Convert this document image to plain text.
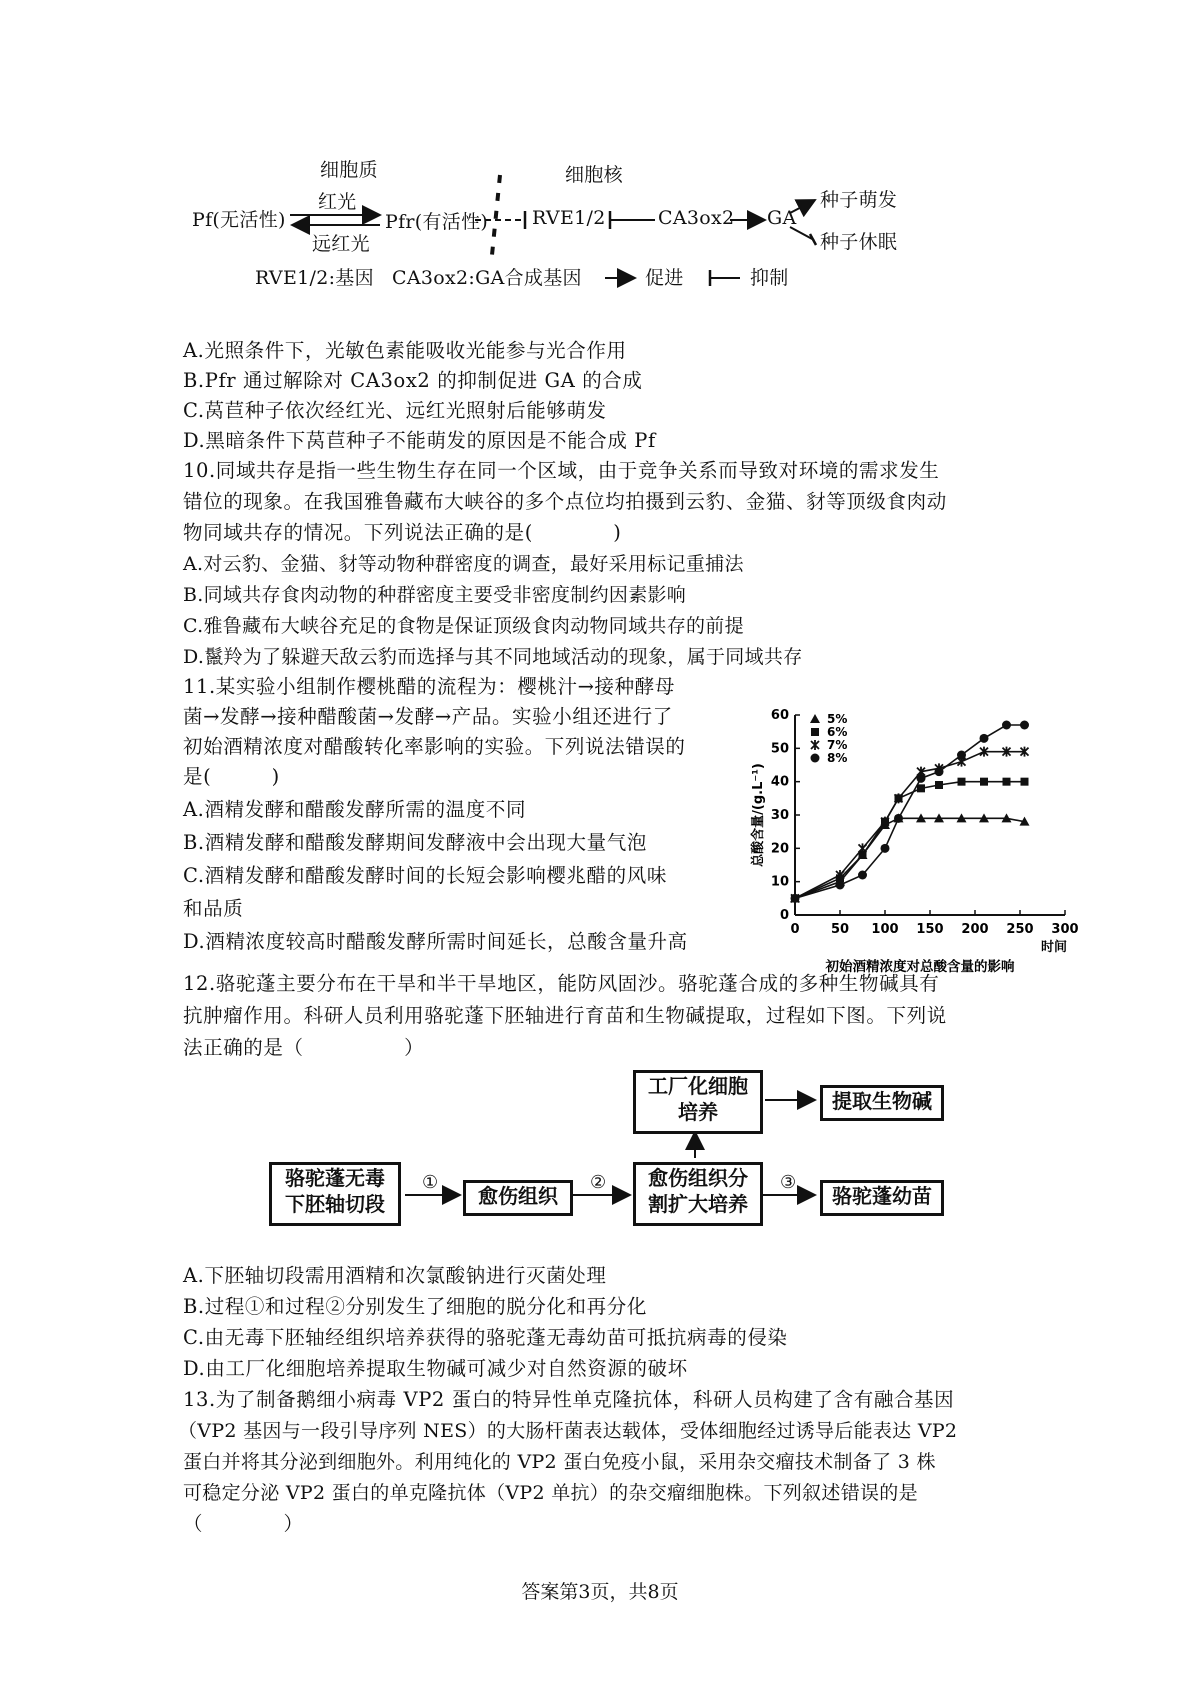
细胞质	细胞核
Pf(无活性)
红光
远红光
Pfr(有活性) RVE1/2	CA3ox2 GA
种子萌发
种子休眠
RVE1/2:基因 CA3ox2:GA合成基因	促进	抑制
A.光照条件下，光敏色素能吸收光能参与光合作用
B.Pfr 通过解除对 CA3ox2 的抑制促进 GA 的合成
C.莴苣种子依次经红光、远红光照射后能够萌发
D.黑暗条件下莴苣种子不能萌发的原因是不能合成 Pf
10.同域共存是指一些生物生存在同一个区域，由于竞争关系而导致对环境的需求发生
错位的现象。在我国雅鲁藏布大峡谷的多个点位均拍摄到云豹、金猫、豺等顶级食肉动
物同域共存的情况。下列说法正确的是(　　　　)
A.对云豹、金猫、豺等动物种群密度的调查，最好采用标记重捕法
B.同域共存食肉动物的种群密度主要受非密度制约因素影响
C.雅鲁藏布大峡谷充足的食物是保证顶级食肉动物同域共存的前提
D.鬣羚为了躲避天敌云豹而选择与其不同地域活动的现象，属于同域共存
11.某实验小组制作樱桃醋的流程为：樱桃汁→接种酵母
菌→发酵→接种醋酸菌→发酵→产品。实验小组还进行了
初始酒精浓度对醋酸转化率影响的实验。下列说法错误的
是(　　　)
A.酒精发酵和醋酸发酵所需的温度不同
B.酒精发酵和醋酸发酵期间发酵液中会出现大量气泡
C.酒精发酵和醋酸发酵时间的长短会影响樱兆醋的风味
和品质
D.酒精浓度较高时醋酸发酵所需时间延长，总酸含量升高
0 50 100 150 200 250 300
0
10
20
30
40
50
60
总酸含量/(g.L⁻¹)
时间
初始酒精浓度对总酸含量的影响
5%
6%
7%
8%
12.骆驼蓬主要分布在干旱和半干旱地区，能防风固沙。骆驼蓬合成的多种生物碱具有
抗肿瘤作用。科研人员利用骆驼蓬下胚轴进行育苗和生物碱提取，过程如下图。下列说
法正确的是（　　　　　）
骆驼蓬无毒
下胚轴切段
①
愈伤组织
②	愈伤组织分
割扩大培养
③
骆驼蓬幼苗
工厂化细胞
培养	提取生物碱
A.下胚轴切段需用酒精和次氯酸钠进行灭菌处理
B.过程①和过程②分别发生了细胞的脱分化和再分化
C.由无毒下胚轴经组织培养获得的骆驼蓬无毒幼苗可抵抗病毒的侵染
D.由工厂化细胞培养提取生物碱可减少对自然资源的破坏
13.为了制备鹅细小病毒 VP2 蛋白的特异性单克隆抗体，科研人员构建了含有融合基因
（VP2 基因与一段引导序列 NES）的大肠杆菌表达载体，受体细胞经过诱导后能表达 VP2
蛋白并将其分泌到细胞外。利用纯化的 VP2 蛋白免疫小鼠，采用杂交瘤技术制备了 3 株
可稳定分泌 VP2 蛋白的单克隆抗体（VP2 单抗）的杂交瘤细胞株。下列叙述错误的是
（　　　　）
答案第3页，共8页
